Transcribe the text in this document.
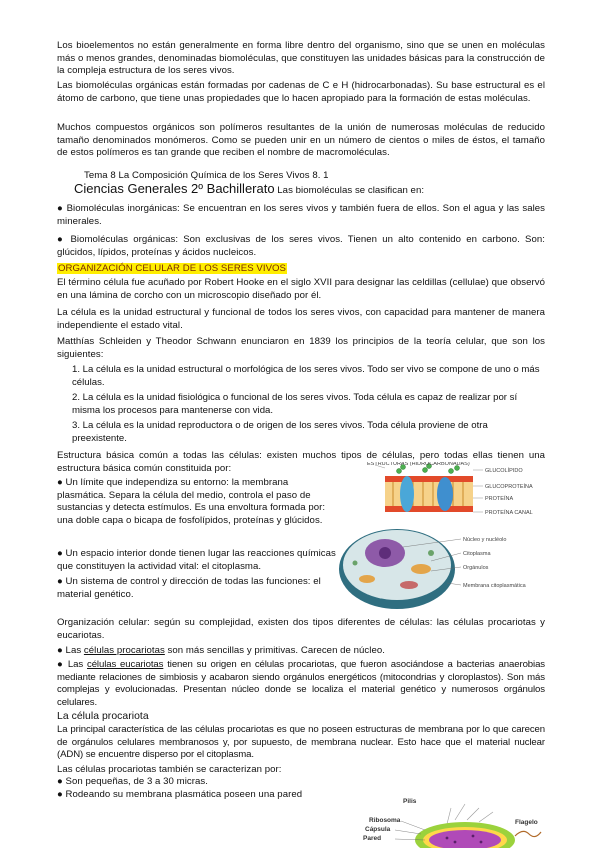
Los bioelementos no están generalmente en forma libre dentro del organismo, sino que se unen en moléculas más o menos grandes, denominadas biomoléculas, que constituyen las unidades básicas para la construcción de la compleja estructura de los seres vivos.

Las biomoléculas orgánicas están formadas por cadenas de C e H (hidrocarbonadas). Su base estructural es el átomo de carbono, que tiene unas propiedades que lo hacen apropiado para la formación de estas moléculas.

Muchos compuestos orgánicos son polímeros resultantes de la unión de numerosas moléculas de reducido tamaño denominados monómeros. Como se pueden unir en un número de cientos o miles de éstos, el tamaño de estos polímeros es tan grande que reciben el nombre de macromoléculas.

Tema 8 La Composición Química de los Seres Vivos 8. 1
Ciencias Generales 2º Bachillerato Las biomoléculas se clasifican en:

● Biomoléculas inorgánicas: Se encuentran en los seres vivos y también fuera de ellos. Son el agua y las sales minerales.

● Biomoléculas orgánicas: Son exclusivas de los seres vivos. Tienen un alto contenido en carbono. Son: glúcidos, lípidos, proteínas y ácidos nucleicos.

ORGANIZACIÓN CELULAR DE LOS SERES VIVOS

El término célula fue acuñado por Robert Hooke en el siglo XVII para designar las celdillas (cellulae) que observó en una lámina de corcho con un microscopio diseñado por él.

La célula es la unidad estructural y funcional de todos los seres vivos, con capacidad para mantener de manera independiente el estado vital.

Matthías Schleiden y Theodor Schwann enunciaron en 1839 los principios de la teoría celular, que son los siguientes:

1. La célula es la unidad estructural o morfológica de los seres vivos. Todo ser vivo se compone de uno o más células.
2. La célula es la unidad fisiológica o funcional de los seres vivos. Toda célula es capaz de realizar por sí misma los procesos para mantenerse con vida.
3. La célula es la unidad reproductora o de origen de los seres vivos. Toda célula proviene de otra preexistente.

Estructura básica común a todas las células: existen muchos tipos de células, pero todas ellas tienen una estructura básica común constituida por:

● Un límite que independiza su entorno: la membrana plasmática. Separa la célula del medio, controla el paso de sustancias y detecta estímulos. Es una envoltura formada por: una doble capa o bicapa de fosfolípidos, proteínas y glúcidos.

● Un espacio interior donde tienen lugar las reacciones químicas que constituyen la actividad vital: el citoplasma.

● Un sistema de control y dirección de todas las funciones: el material genético.

ESTRUCTURAS (HIDROCARBONADAS)
GLUCOLÍPIDO
GLUCOPROTEÍNA
PROTEÍNA
PROTEÍNA CANAL
Núcleo y nucléolo
Citoplasma
Orgánulos
Membrana citoplasmática

Organización celular: según su complejidad, existen dos tipos diferentes de células: las células procariotas y eucariotas.

● Las células procariotas son más sencillas y primitivas. Carecen de núcleo.
● Las células eucariotas tienen su origen en células procariotas, que fueron asociándose a bacterias anaerobias mediante relaciones de simbiosis y acabaron siendo orgánulos energéticos (mitocondrias y cloroplastos). Son más complejas y evolucionadas. Presentan núcleo donde se localiza el material genético y numerosos orgánulos celulares.

La célula procariota

La principal característica de las células procariotas es que no poseen estructuras de membrana por lo que carecen de orgánulos celulares membranosos y, por supuesto, de membrana nuclear. Esto hace que el material nuclear (ADN) se encuentre disperso por el citoplasma.

Las células procariotas también se caracterizan por:

● Son pequeñas, de 3 a 30 micras.

● Rodeando su membrana plasmática poseen una pared

Pilis
Ribosoma
Cápsula
Pared
Flagelo
